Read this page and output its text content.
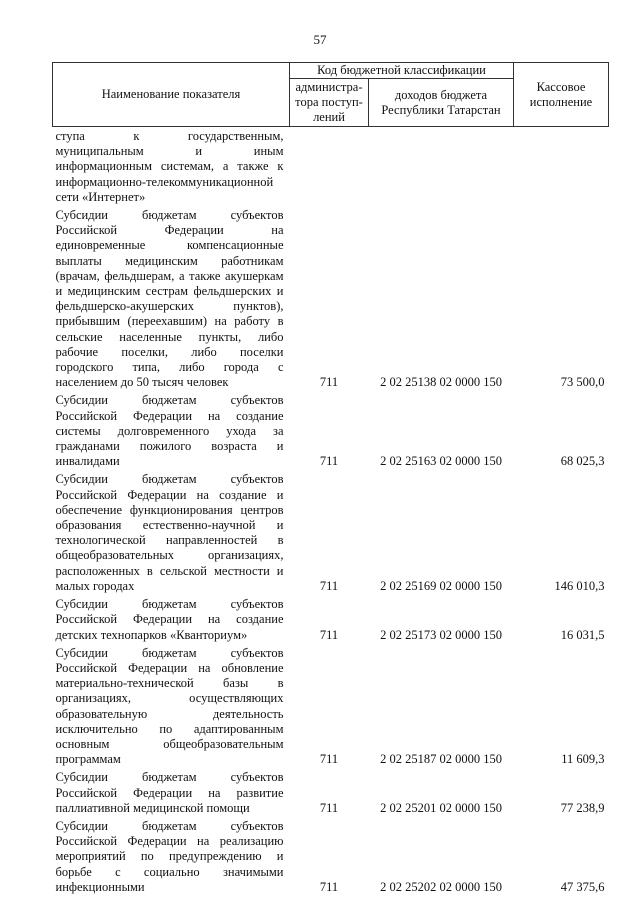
57
Наименование показателя	Код бюджетной классификации		Кассовое исполнение
	администра-тора поступ-лений	доходов бюджета Республики Татарстан	
ступа к государственным, муниципальным и иным информационным системам, а также к информационно-телекоммуникационной сети «Интернет»			
Субсидии бюджетам субъектов Российской Федерации на единовременные компенсационные выплаты медицинским работникам (врачам, фельдшерам, а также акушеркам и медицинским сестрам фельдшерских и фельдшерско-акушерских пунктов), прибывшим (переехавшим) на работу в сельские населенные пункты, либо рабочие поселки, либо поселки городского типа, либо города с населением до 50 тысяч человек	711	2 02 25138 02 0000 150	73 500,0
Субсидии бюджетам субъектов Российской Федерации на создание системы долговременного ухода за гражданами пожилого возраста и инвалидами	711	2 02 25163 02 0000 150	68 025,3
Субсидии бюджетам субъектов Российской Федерации на создание и обеспечение функционирования центров образования естественно-научной и технологической направленностей в общеобразовательных организациях, расположенных в сельской местности и малых городах	711	2 02 25169 02 0000 150	146 010,3
Субсидии бюджетам субъектов Российской Федерации на создание детских технопарков «Кванториум»	711	2 02 25173 02 0000 150	16 031,5
Субсидии бюджетам субъектов Российской Федерации на обновление материально-технической базы в организациях, осуществляющих образовательную деятельность исключительно по адаптированным основным общеобразовательным программам	711	2 02 25187 02 0000 150	11 609,3
Субсидии бюджетам субъектов Российской Федерации на развитие паллиативной медицинской помощи	711	2 02 25201 02 0000 150	77 238,9
Субсидии бюджетам субъектов Российской Федерации на реализацию мероприятий по предупреждению и борьбе с социально значимыми инфекционными	711	2 02 25202 02 0000 150	47 375,6
